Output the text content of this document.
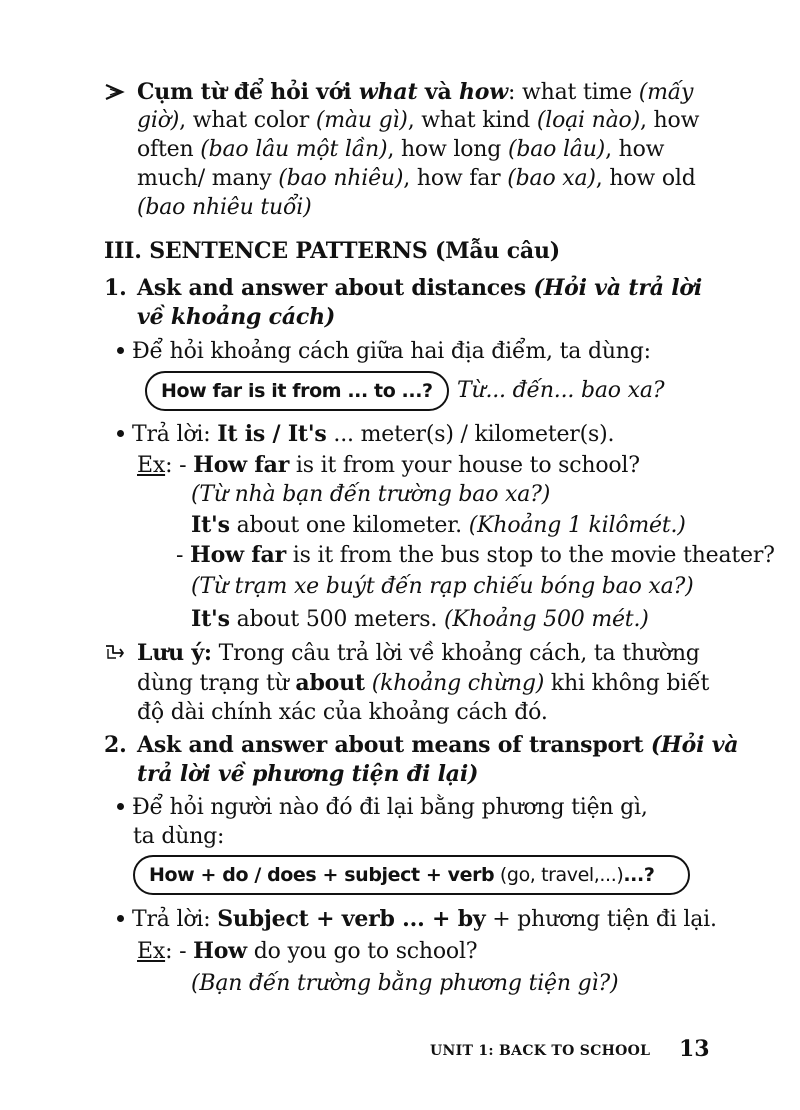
Cụm từ để hỏi với what và how: what time (mấy
giờ), what color (màu gì), what kind (loại nào), how
often (bao lâu một lần), how long (bao lâu), how
much/ many (bao nhiêu), how far (bao xa), how old
(bao nhiêu tuổi)
III. SENTENCE PATTERNS (Mẫu câu)
1. Ask and answer about distances (Hỏi và trả lời
về khoảng cách)
Để hỏi khoảng cách giữa hai địa điểm, ta dùng:
How far is it from ... to ...?	Từ... đến... bao xa?
Trả lời: It is / It's ... meter(s) / kilometer(s).
Ex: - How far is it from your house to school?
(Từ nhà bạn đến trường bao xa?)
It's about one kilometer. (Khoảng 1 kilômét.)
- How far is it from the bus stop to the movie theater?
(Từ trạm xe buýt đến rạp chiếu bóng bao xa?)
It's about 500 meters. (Khoảng 500 mét.)
Lưu ý: Trong câu trả lời về khoảng cách, ta thường
dùng trạng từ about (khoảng chừng) khi không biết
độ dài chính xác của khoảng cách đó.
2. Ask and answer about means of transport (Hỏi và
trả lời về phương tiện đi lại)
Để hỏi người nào đó đi lại bằng phương tiện gì,
ta dùng:
How + do / does + subject + verb (go, travel,...)...?
Trả lời: Subject + verb ... + by + phương tiện đi lại.
Ex: - How do you go to school?
(Bạn đến trường bằng phương tiện gì?)
UNIT 1: BACK TO SCHOOL 13
